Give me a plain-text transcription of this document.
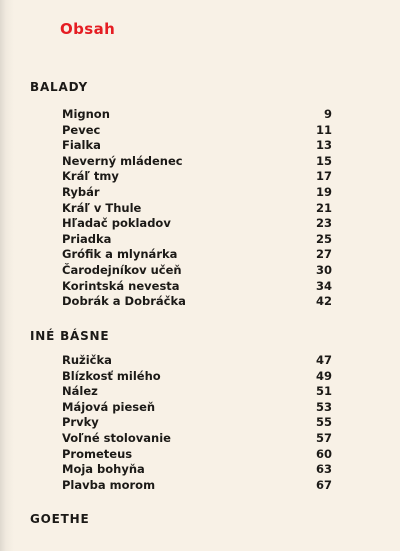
Obsah
BALADY
Mignon	9
Pevec	11
Fialka	13
Neverný mládenec	15
Kráľ tmy	17
Rybár	19
Kráľ v Thule	21
Hľadač pokladov	23
Priadka	25
Grófik a mlynárka	27
Čarodejníkov učeň	30
Korintská nevesta	34
Dobrák a Dobráčka	42
INÉ BÁSNE
Ružička	47
Blízkosť milého	49
Nález	51
Májová pieseň	53
Prvky	55
Voľné stolovanie	57
Prometeus	60
Moja bohyňa	63
Plavba morom	67
GOETHE
